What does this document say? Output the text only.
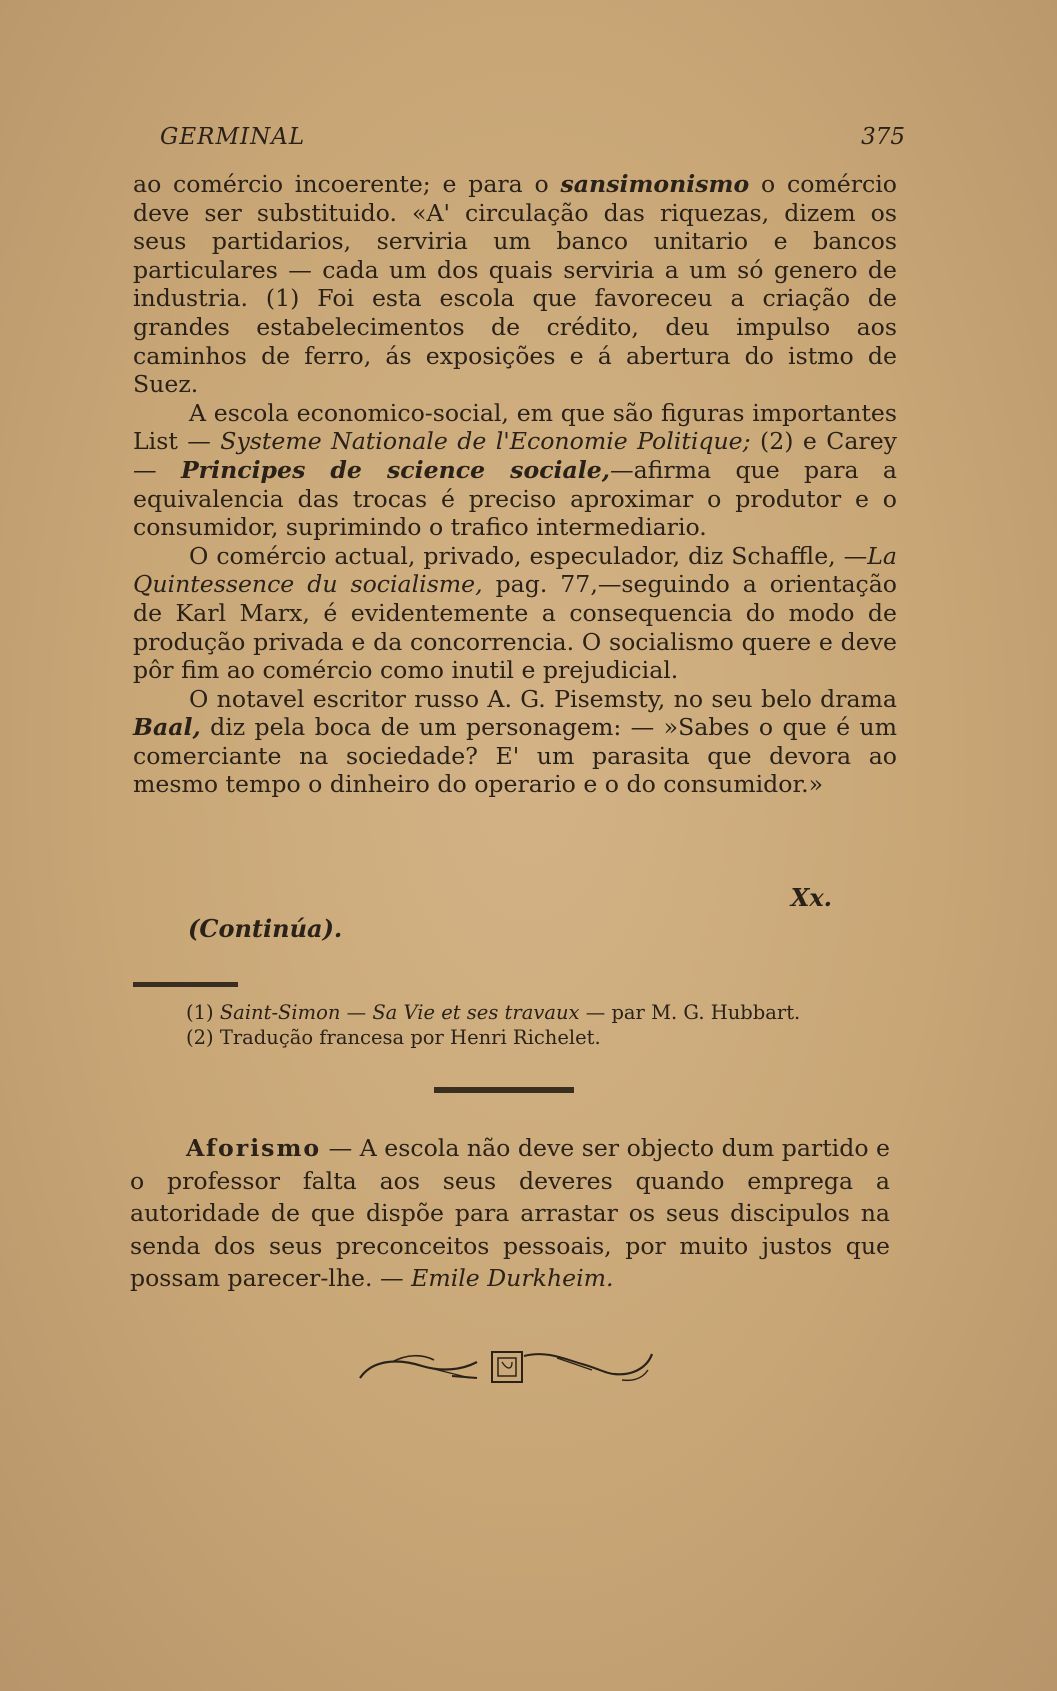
GERMINAL	375

ao comércio incoerente; e para o sansimonismo o comércio deve ser substituido. «A' circulação das riquezas, dizem os seus partidarios, serviria um banco unitario e bancos particulares — cada um dos quais serviria a um só genero de industria. (1) Foi esta escola que favoreceu a criação de grandes estabelecimentos de crédito, deu impulso aos caminhos de ferro, ás exposições e á abertura do istmo de Suez.

A escola economico-social, em que são figuras importantes List — Systeme Nationale de l'Economie Politique; (2) e Carey — Principes de science sociale,—afirma que para a equivalencia das trocas é preciso aproximar o produtor e o consumidor, suprimindo o trafico intermediario.

O comércio actual, privado, especulador, diz Schaffle, —La Quintessence du socialisme, pag. 77,—seguindo a orientação de Karl Marx, é evidentemente a consequencia do modo de produção privada e da concorrencia. O socialismo quere e deve pôr fim ao comércio como inutil e prejudicial.

O notavel escritor russo A. G. Pisemsty, no seu belo drama Baal, diz pela boca de um personagem: — »Sabes o que é um comerciante na sociedade? E' um parasita que devora ao mesmo tempo o dinheiro do operario e o do consumidor.»

Xx.
(Continúa).
(1) Saint-Simon — Sa Vie et ses travaux — par M. G. Hubbart.
(2) Tradução francesa por Henri Richelet.

Aforismo — A escola não deve ser objecto dum partido e o professor falta aos seus deveres quando emprega a autoridade de que dispõe para arrastar os seus discipulos na senda dos seus preconceitos pessoais, por muito justos que possam parecer-lhe. — Emile Durkheim.
